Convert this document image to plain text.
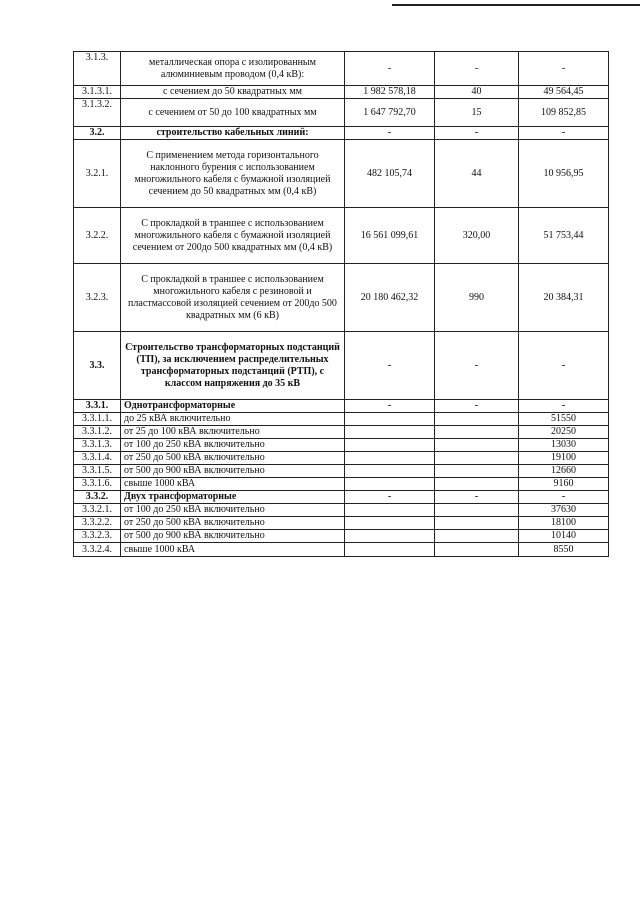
3.1.3.	металлическая опора с изолированным алюминиевым проводом (0,4 кВ):	-	-	-
3.1.3.1.	с сечением до 50 квадратных мм	1 982 578,18	40	49 564,45
3.1.3.2.	с сечением от 50 до 100 квадратных мм	1 647 792,70	15	109 852,85
3.2.	строительство кабельных линий:	-	-	-
3.2.1.	С применением метода горизонтального наклонного бурения с использованием многожильного кабеля с бумажной изоляцией сечением до 50 квадратных мм (0,4 кВ)	482 105,74	44	10 956,95
3.2.2.	С прокладкой в траншее с использованием многожильного кабеля с бумажной изоляцией сечением от 200до 500 квадратных мм (0,4 кВ)	16 561 099,61	320,00	51 753,44
3.2.3.	С прокладкой в траншее с использованием многожильного кабеля с резиновой и пластмассовой изоляцией сечением от 200до 500 квадратных мм (6 кВ)	20 180 462,32	990	20 384,31
3.3.	Строительство трансформаторных подстанций (ТП), за исключением распределительных трансформаторных подстанций (РТП), с классом напряжения до 35 кВ	-	-	-
3.3.1.	Однотрансформаторные	-	-	-
3.3.1.1.	до 25 кВА включительно			51550
3.3.1.2.	от 25 до 100 кВА включительно			20250
3.3.1.3.	от 100 до 250 кВА включительно			13030
3.3.1.4.	от 250 до 500 кВА включительно			19100
3.3.1.5.	от 500 до 900 кВА включительно			12660
3.3.1.6.	свыше 1000 кВА			9160
3.3.2.	Двух трансформаторные	-	-	-
3.3.2.1.	от 100 до 250 кВА включительно			37630
3.3.2.2.	от 250 до 500 кВА включительно			18100
3.3.2.3.	от 500 до 900 кВА включительно			10140
3.3.2.4.	свыше 1000 кВА			8550
